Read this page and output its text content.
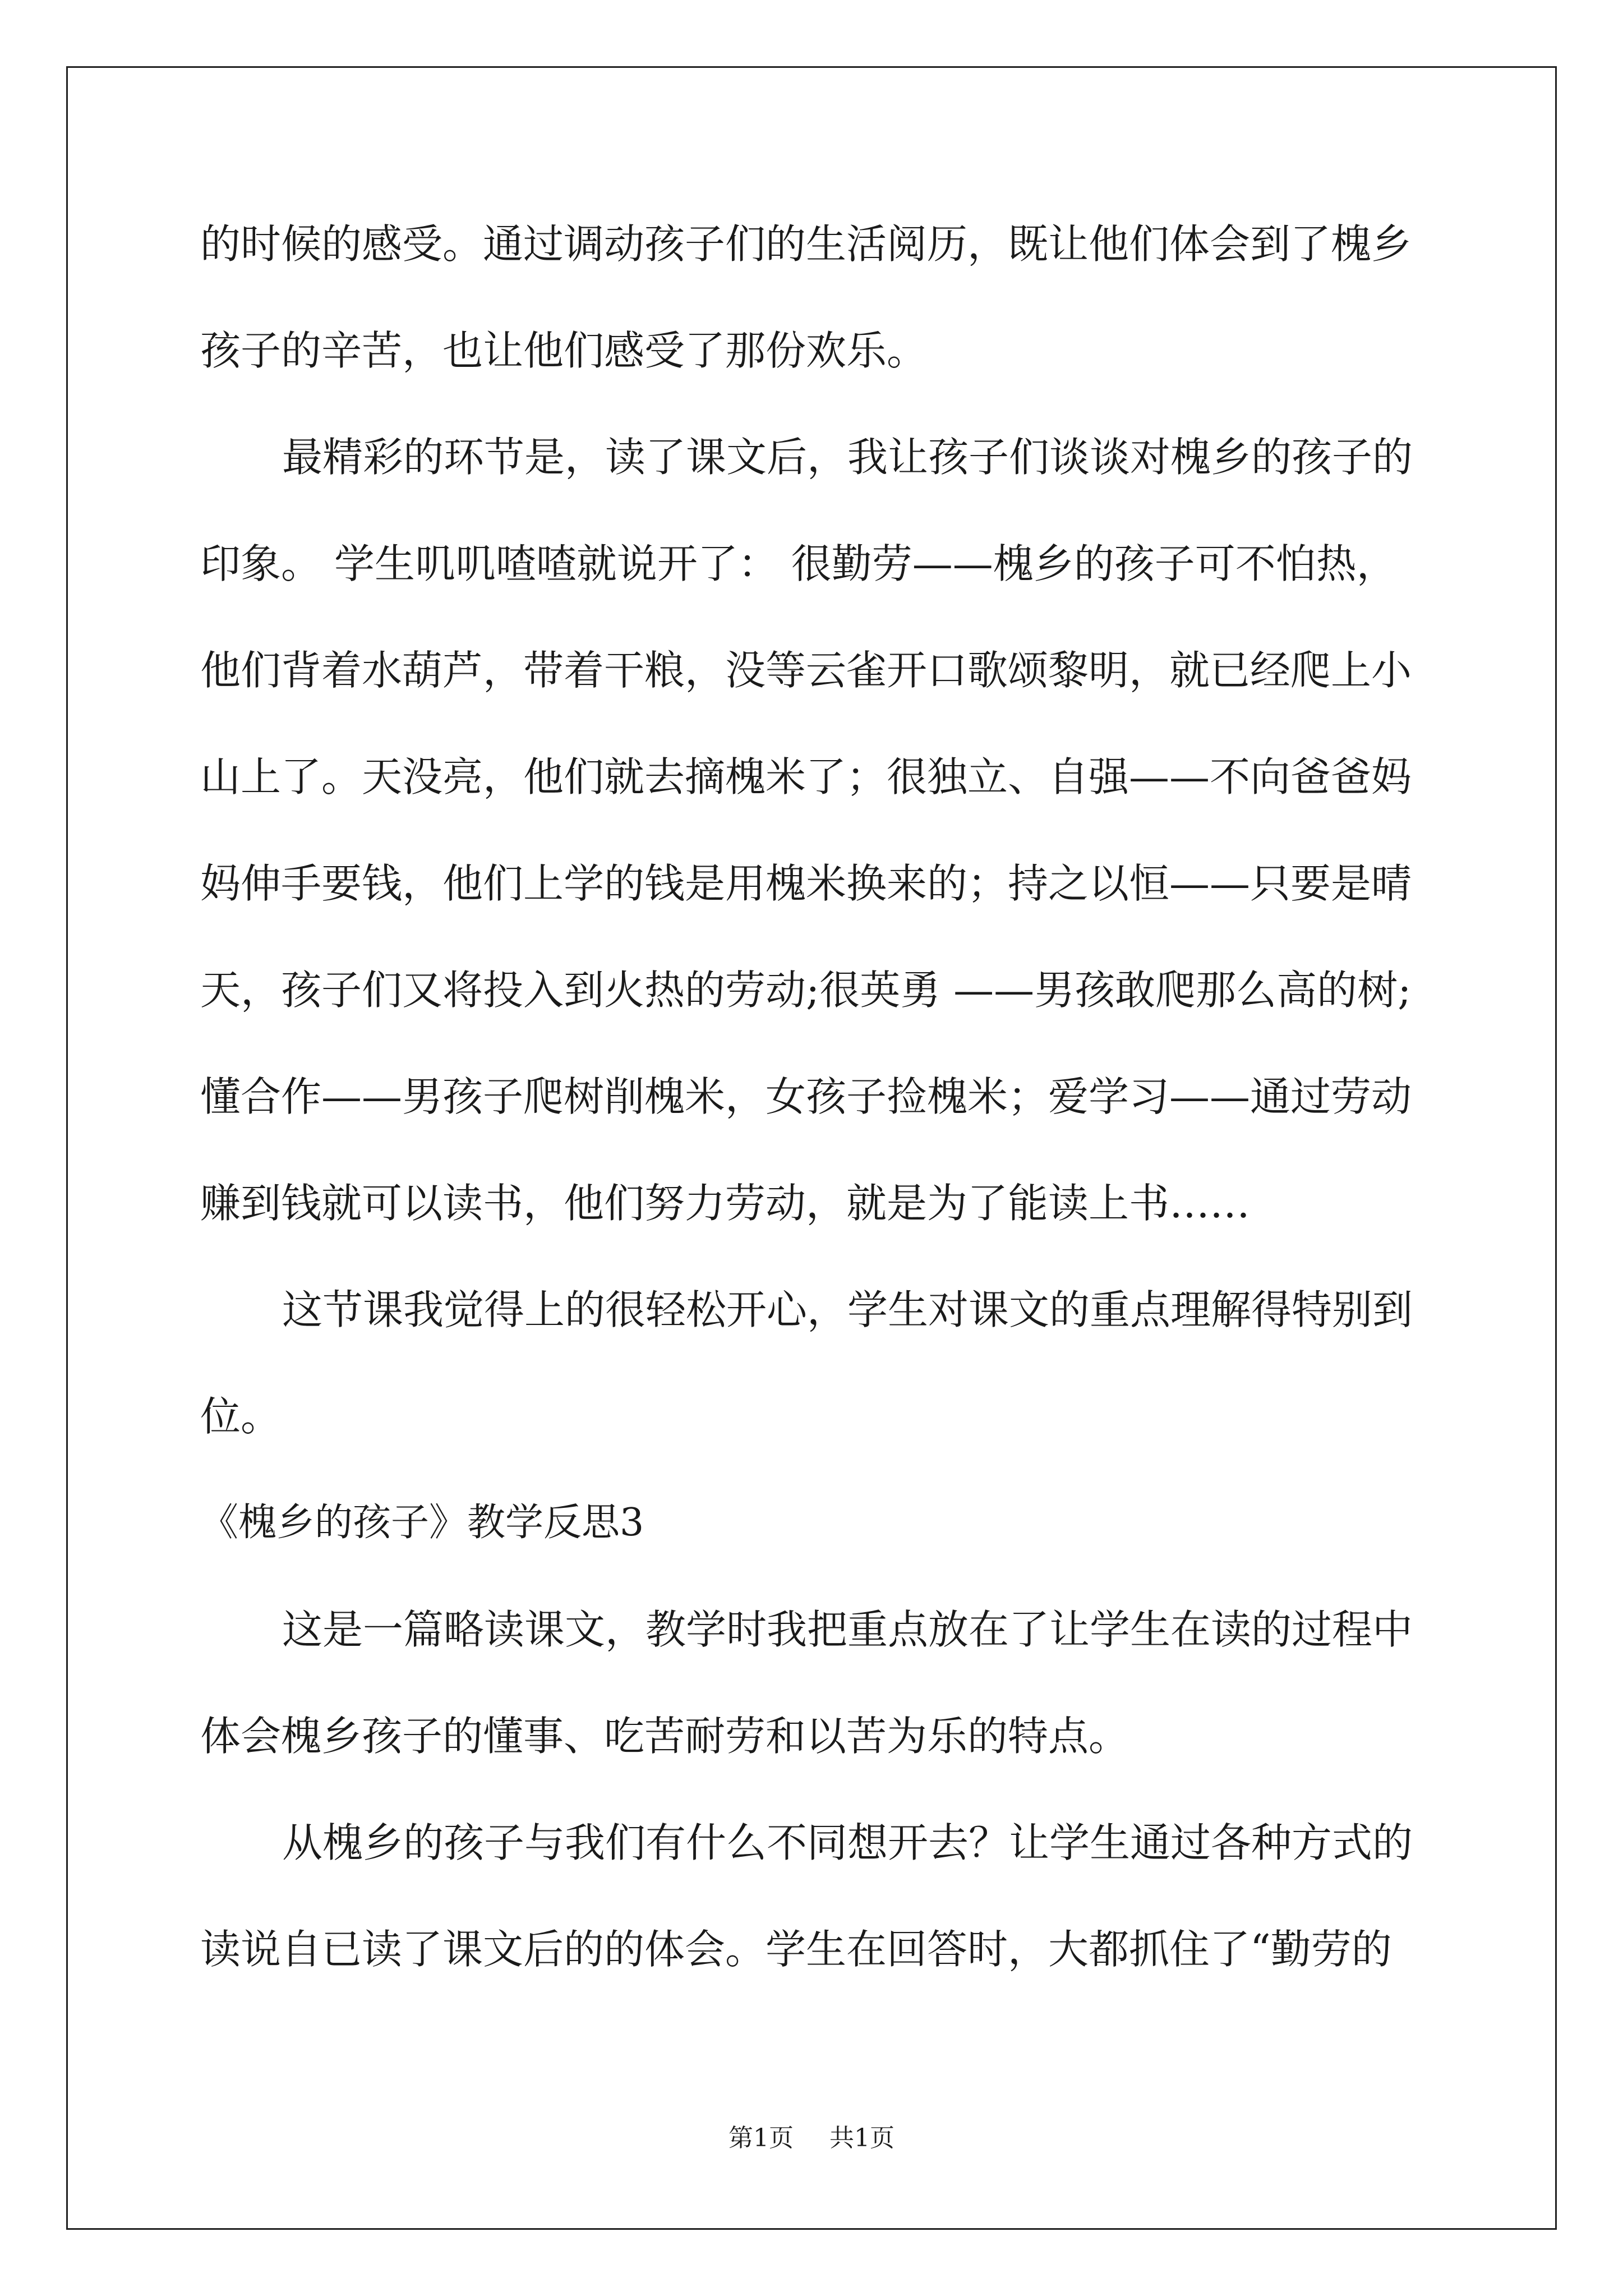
的时候的感受。通过调动孩子们的生活阅历，既让他们体会到了槐乡
孩子的辛苦，也让他们感受了那份欢乐。
最精彩的环节是，读了课文后，我让孩子们谈谈对槐乡的孩子的
印象。 学生叽叽喳喳就说开了： 很勤劳——槐乡的孩子可不怕热，
他们背着水葫芦，带着干粮，没等云雀开口歌颂黎明，就已经爬上小
山上了。天没亮，他们就去摘槐米了；很独立、自强——不向爸爸妈
妈伸手要钱，他们上学的钱是用槐米换来的；持之以恒——只要是晴
天，孩子们又将投入到火热的劳动;很英勇 ——男孩敢爬那么高的树;
懂合作——男孩子爬树削槐米，女孩子捡槐米；爱学习——通过劳动
赚到钱就可以读书，他们努力劳动，就是为了能读上书……
这节课我觉得上的很轻松开心，学生对课文的重点理解得特别到
位。
《槐乡的孩子》教学反思3
这是一篇略读课文，教学时我把重点放在了让学生在读的过程中
体会槐乡孩子的懂事、吃苦耐劳和以苦为乐的特点。
从槐乡的孩子与我们有什么不同想开去？让学生通过各种方式的
读说自已读了课文后的的体会。学生在回答时，大都抓住了“勤劳的
第1页 共1页
